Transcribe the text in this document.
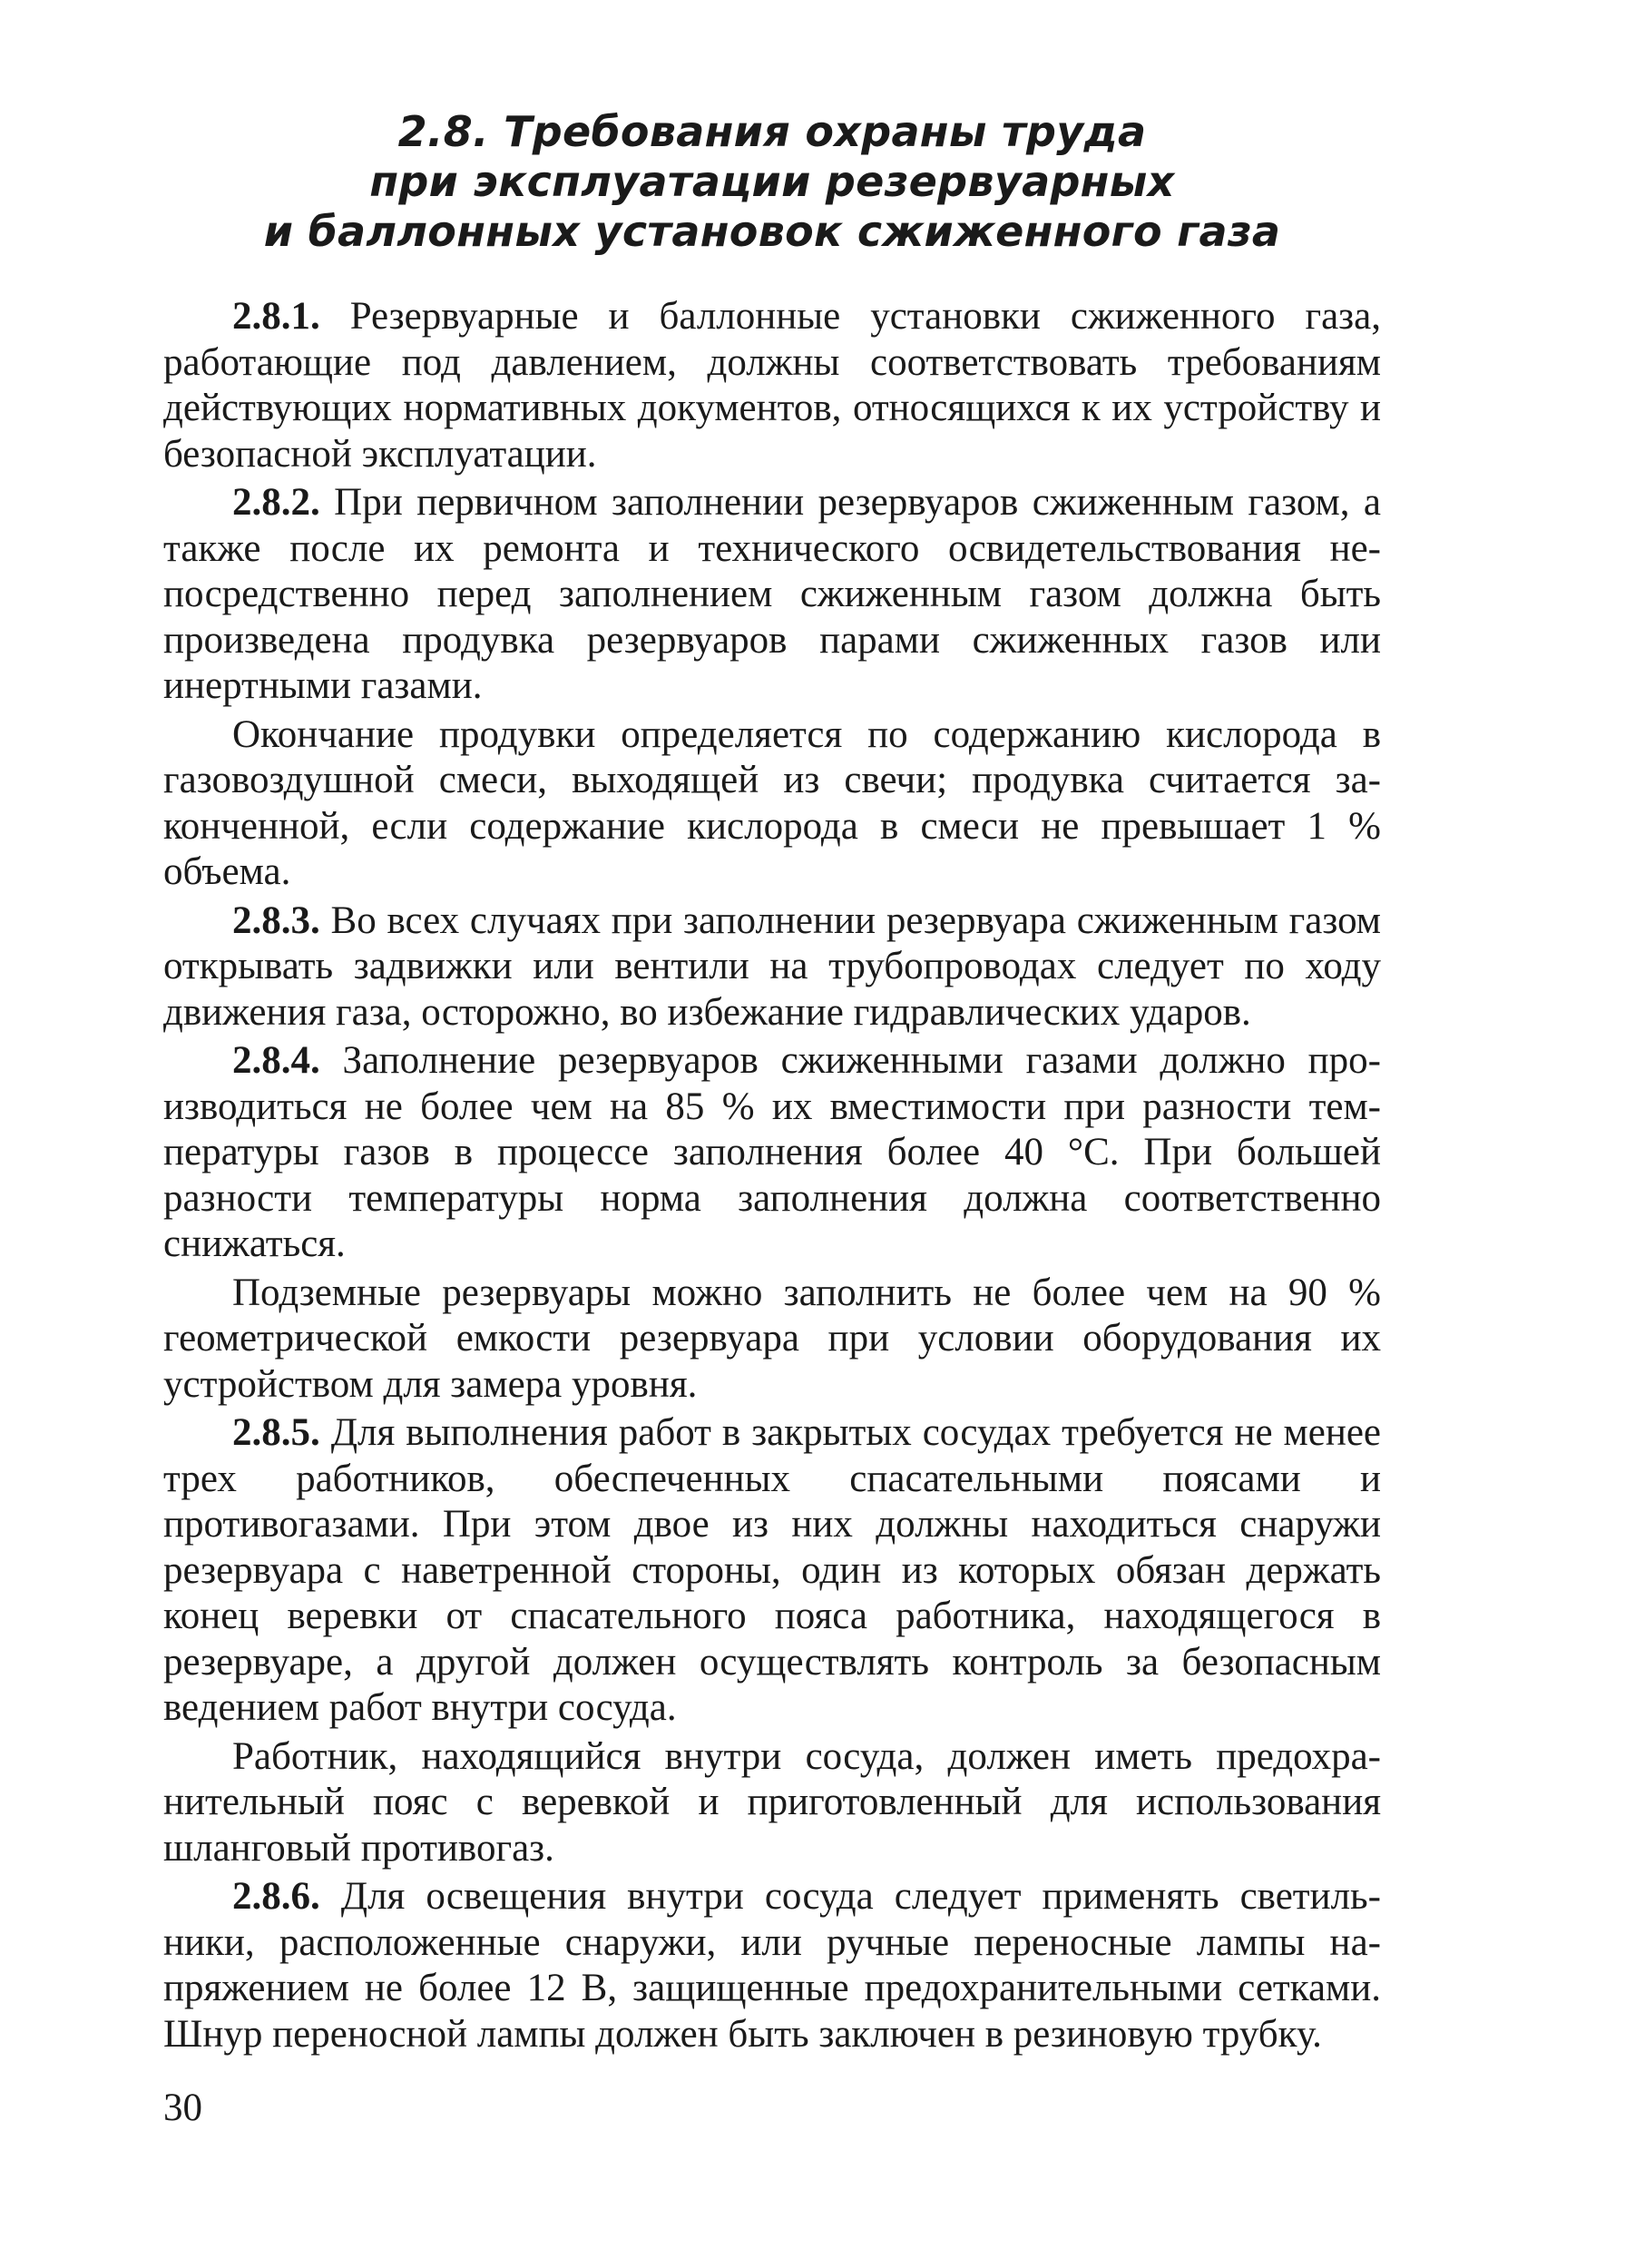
2.8. Требования охраны труда
при эксплуатации резервуарных
и баллонных установок сжиженного газа

2.8.1. Резервуарные и баллонные установки сжиженного газа, работающие под давлением, должны соответствовать требованиям действующих нормативных документов, относящихся к их устройству и безопасной эксплуатации.

2.8.2. При первичном заполнении резервуаров сжиженным газом, а также после их ремонта и технического освидетельствования непосредственно перед заполнением сжиженным газом должна быть произведена продувка резервуаров парами сжиженных газов или инертными газами.

Окончание продувки определяется по содержанию кислорода в газовоздушной смеси, выходящей из свечи; продувка считается законченной, если содержание кислорода в смеси не превышает 1 % объема.

2.8.3. Во всех случаях при заполнении резервуара сжиженным газом открывать задвижки или вентили на трубопроводах следует по ходу движения газа, осторожно, во избежание гидравлических ударов.

2.8.4. Заполнение резервуаров сжиженными газами должно производиться не более чем на 85 % их вместимости при разности температуры газов в процессе заполнения более 40 °C. При большей разности температуры норма заполнения должна соответственно снижаться.

Подземные резервуары можно заполнить не более чем на 90 % геометрической емкости резервуара при условии оборудования их устройством для замера уровня.

2.8.5. Для выполнения работ в закрытых сосудах требуется не менее трех работников, обеспеченных спасательными поясами и противогазами. При этом двое из них должны находиться снаружи резервуара с наветренной стороны, один из которых обязан держать конец веревки от спасательного пояса работника, находящегося в резервуаре, а другой должен осуществлять контроль за безопасным ведением работ внутри сосуда.

Работник, находящийся внутри сосуда, должен иметь предохранительный пояс с веревкой и приготовленный для использования шланговый противогаз.

2.8.6. Для освещения внутри сосуда следует применять светильники, расположенные снаружи, или ручные переносные лампы напряжением не более 12 В, защищенные предохранительными сетками. Шнур переносной лампы должен быть заключен в резиновую трубку.

30
